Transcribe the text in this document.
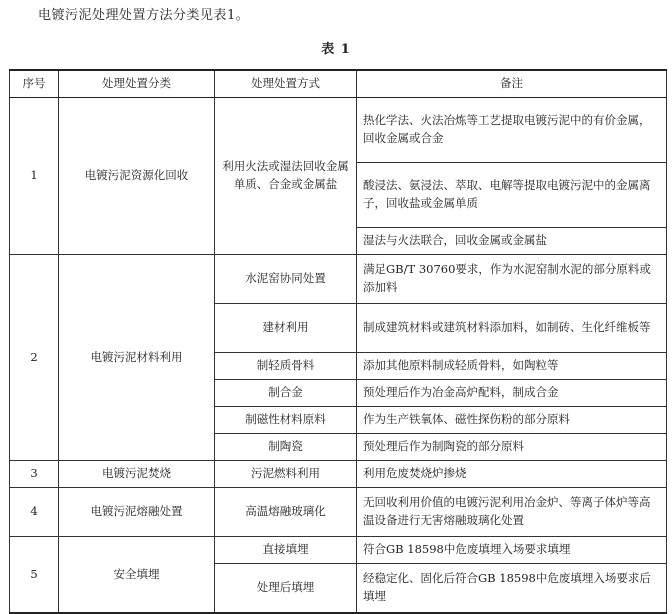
电镀污泥处理处置方法分类见表1。
表 1
序号	处理处置分类	处理处置方式	备注
1	电镀污泥资源化回收	利用火法或湿法回收金属单质、合金或金属盐	热化学法、火法冶炼等工艺提取电镀污泥中的有价金属，回收金属或合金
			酸浸法、氨浸法、萃取、电解等提取电镀污泥中的金属离子，回收盐或金属单质
			湿法与火法联合，回收金属或金属盐
2	电镀污泥材料利用	水泥窑协同处置	满足GB/T 30760要求，作为水泥窑制水泥的部分原料或添加料
		建材利用	制成建筑材料或建筑材料添加料，如制砖、生化纤维板等
		制轻质骨料	添加其他原料制成轻质骨料，如陶粒等
		制合金	预处理后作为冶金高炉配料，制成合金
		制磁性材料原料	作为生产铁氧体、磁性探伤粉的部分原料
		制陶瓷	预处理后作为制陶瓷的部分原料
3	电镀污泥焚烧	污泥燃料利用	利用危废焚烧炉掺烧
4	电镀污泥熔融处置	高温熔融玻璃化	无回收利用价值的电镀污泥利用冶金炉、等离子体炉等高温设备进行无害熔融玻璃化处置
5	安全填埋	直接填埋	符合GB 18598中危废填埋入场要求填埋
		处理后填埋	经稳定化、固化后符合GB 18598中危废填埋入场要求后填埋
